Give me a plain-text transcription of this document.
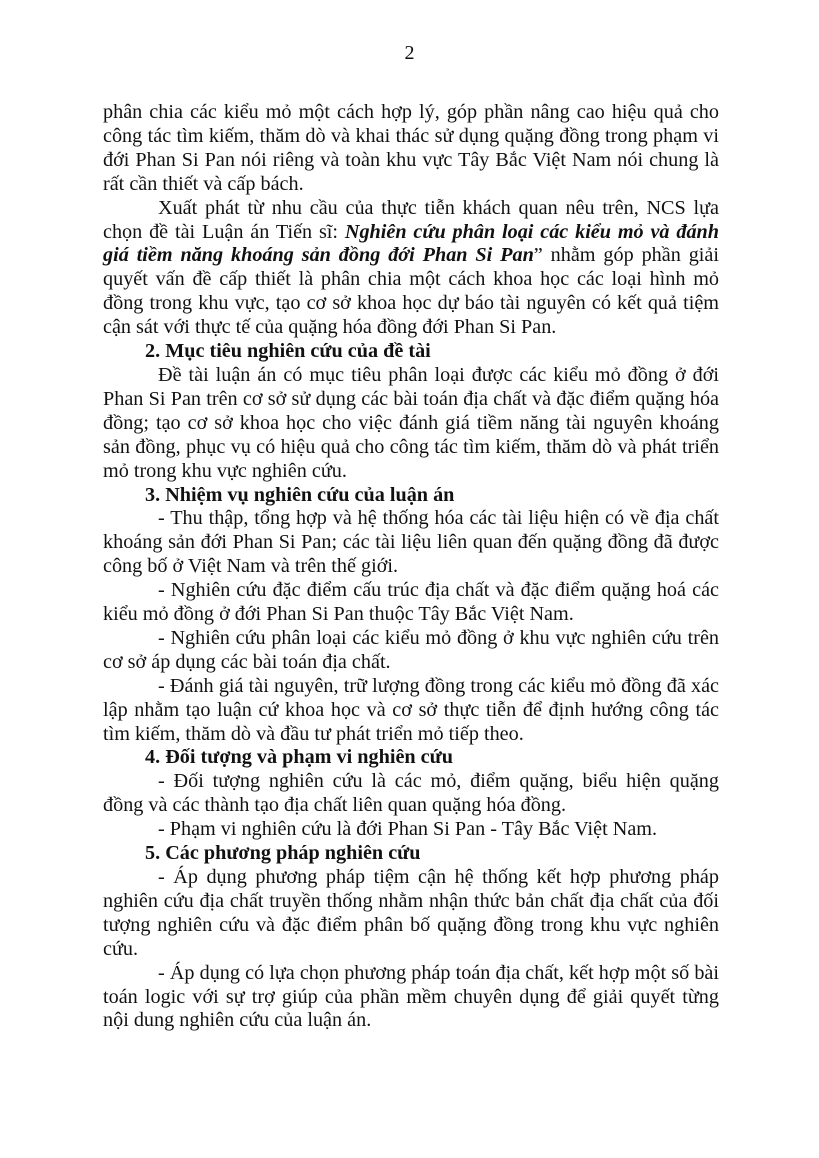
2

phân chia các kiểu mỏ một cách hợp lý, góp phần nâng cao hiệu quả cho công tác tìm kiếm, thăm dò và khai thác sử dụng quặng đồng trong phạm vi đới Phan Si Pan nói riêng và toàn khu vực Tây Bắc Việt Nam nói chung là rất cần thiết và cấp bách.

Xuất phát từ nhu cầu của thực tiễn khách quan nêu trên, NCS lựa chọn đề tài Luận án Tiến sĩ: Nghiên cứu phân loại các kiểu mỏ và đánh giá tiềm năng khoáng sản đồng đới Phan Si Pan” nhằm góp phần giải quyết vấn đề cấp thiết là phân chia một cách khoa học các loại hình mỏ đồng trong khu vực, tạo cơ sở khoa học dự báo tài nguyên có kết quả tiệm cận sát với thực tế của quặng hóa đồng đới Phan Si Pan.

2. Mục tiêu nghiên cứu của đề tài

Đề tài luận án có mục tiêu phân loại được các kiểu mỏ đồng ở đới Phan Si Pan trên cơ sở sử dụng các bài toán địa chất và đặc điểm quặng hóa đồng; tạo cơ sở khoa học cho việc đánh giá tiềm năng tài nguyên khoáng sản đồng, phục vụ có hiệu quả cho công tác tìm kiếm, thăm dò và phát triển mỏ trong khu vực nghiên cứu.

3. Nhiệm vụ nghiên cứu của luận án

- Thu thập, tổng hợp và hệ thống hóa các tài liệu hiện có về địa chất khoáng sản đới Phan Si Pan; các tài liệu liên quan đến quặng đồng đã được công bố ở Việt Nam và trên thế giới.

- Nghiên cứu đặc điểm cấu trúc địa chất và đặc điểm quặng hoá các kiểu mỏ đồng ở đới Phan Si Pan thuộc Tây Bắc Việt Nam.

- Nghiên cứu phân loại các kiểu mỏ đồng ở khu vực nghiên cứu trên cơ sở áp dụng các bài toán địa chất.

- Đánh giá tài nguyên, trữ lượng đồng trong các kiểu mỏ đồng đã xác lập nhằm tạo luận cứ khoa học và cơ sở thực tiễn để định hướng công tác tìm kiếm, thăm dò và đầu tư phát triển mỏ tiếp theo.

4. Đối tượng và phạm vi nghiên cứu

- Đối tượng nghiên cứu là các mỏ, điểm quặng, biểu hiện quặng đồng và các thành tạo địa chất liên quan quặng hóa đồng.

- Phạm vi nghiên cứu là đới Phan Si Pan - Tây Bắc Việt Nam.

5. Các phương pháp nghiên cứu

- Áp dụng phương pháp tiệm cận hệ thống kết hợp phương pháp nghiên cứu địa chất truyền thống nhằm nhận thức bản chất địa chất của đối tượng nghiên cứu và đặc điểm phân bố quặng đồng trong khu vực nghiên cứu.

- Áp dụng có lựa chọn phương pháp toán địa chất, kết hợp một số bài toán logic với sự trợ giúp của phần mềm chuyên dụng để giải quyết từng nội dung nghiên cứu của luận án.
